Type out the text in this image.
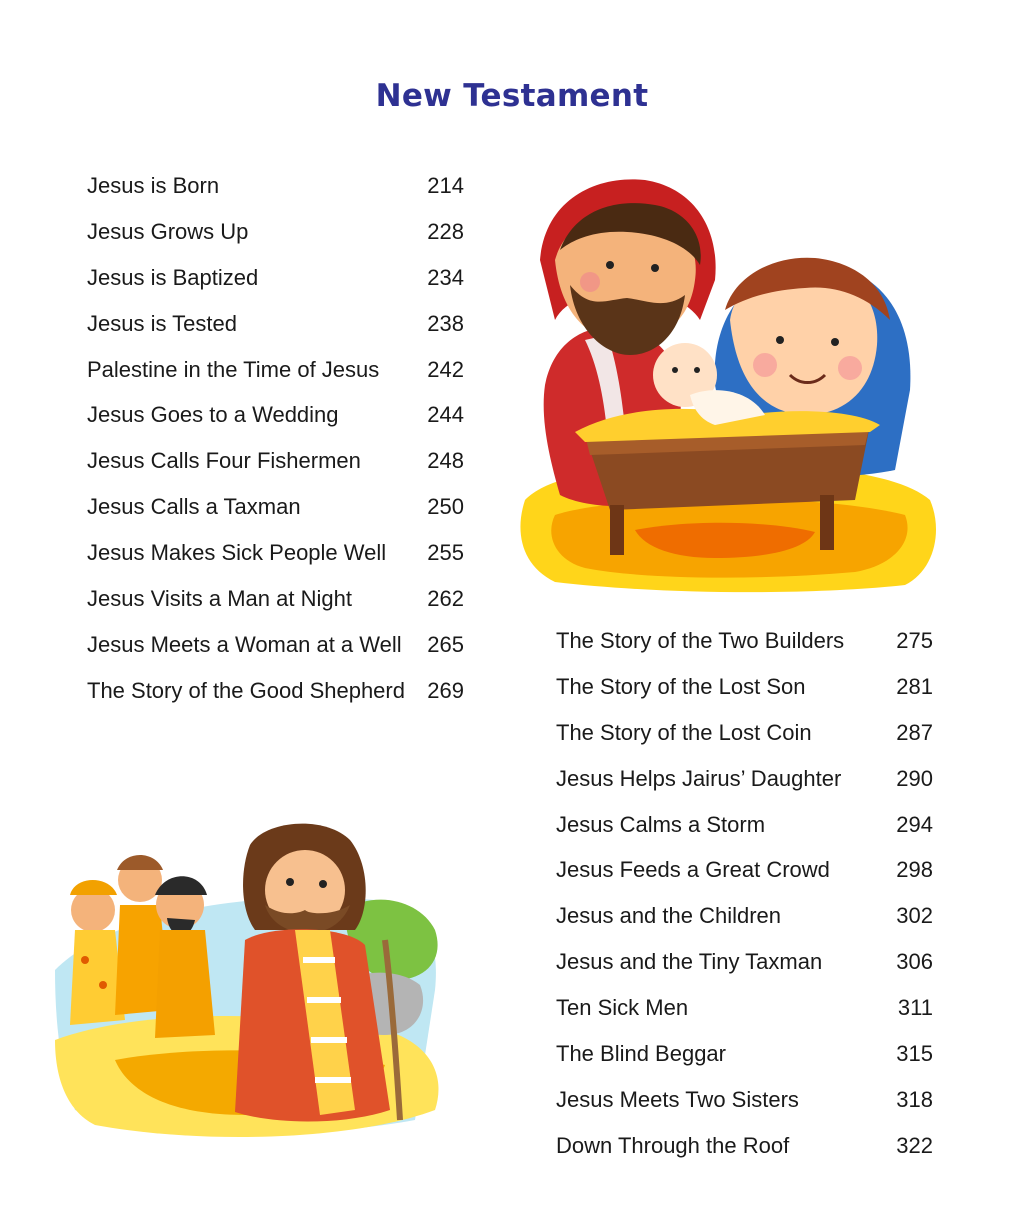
New Testament
Jesus is Born	214
Jesus Grows Up	228
Jesus is Baptized	234
Jesus is Tested	238
Palestine in the Time of Jesus 242
Jesus Goes to a Wedding	244
Jesus Calls Four Fishermen	248
Jesus Calls a Taxman	250
Jesus Makes Sick People Well 255
Jesus Visits a Man at Night	262
Jesus Meets a Woman at a Well 265
The Story of the Good Shepherd 269
The Story of the Two Builders 275
The Story of the Lost Son	281
The Story of the Lost Coin	287
Jesus Helps Jairus’ Daughter 290
Jesus Calms a Storm	294
Jesus Feeds a Great Crowd	298
Jesus and the Children	302
Jesus and the Tiny Taxman	306
Ten Sick Men	311
The Blind Beggar	315
Jesus Meets Two Sisters	318
Down Through the Roof	322
